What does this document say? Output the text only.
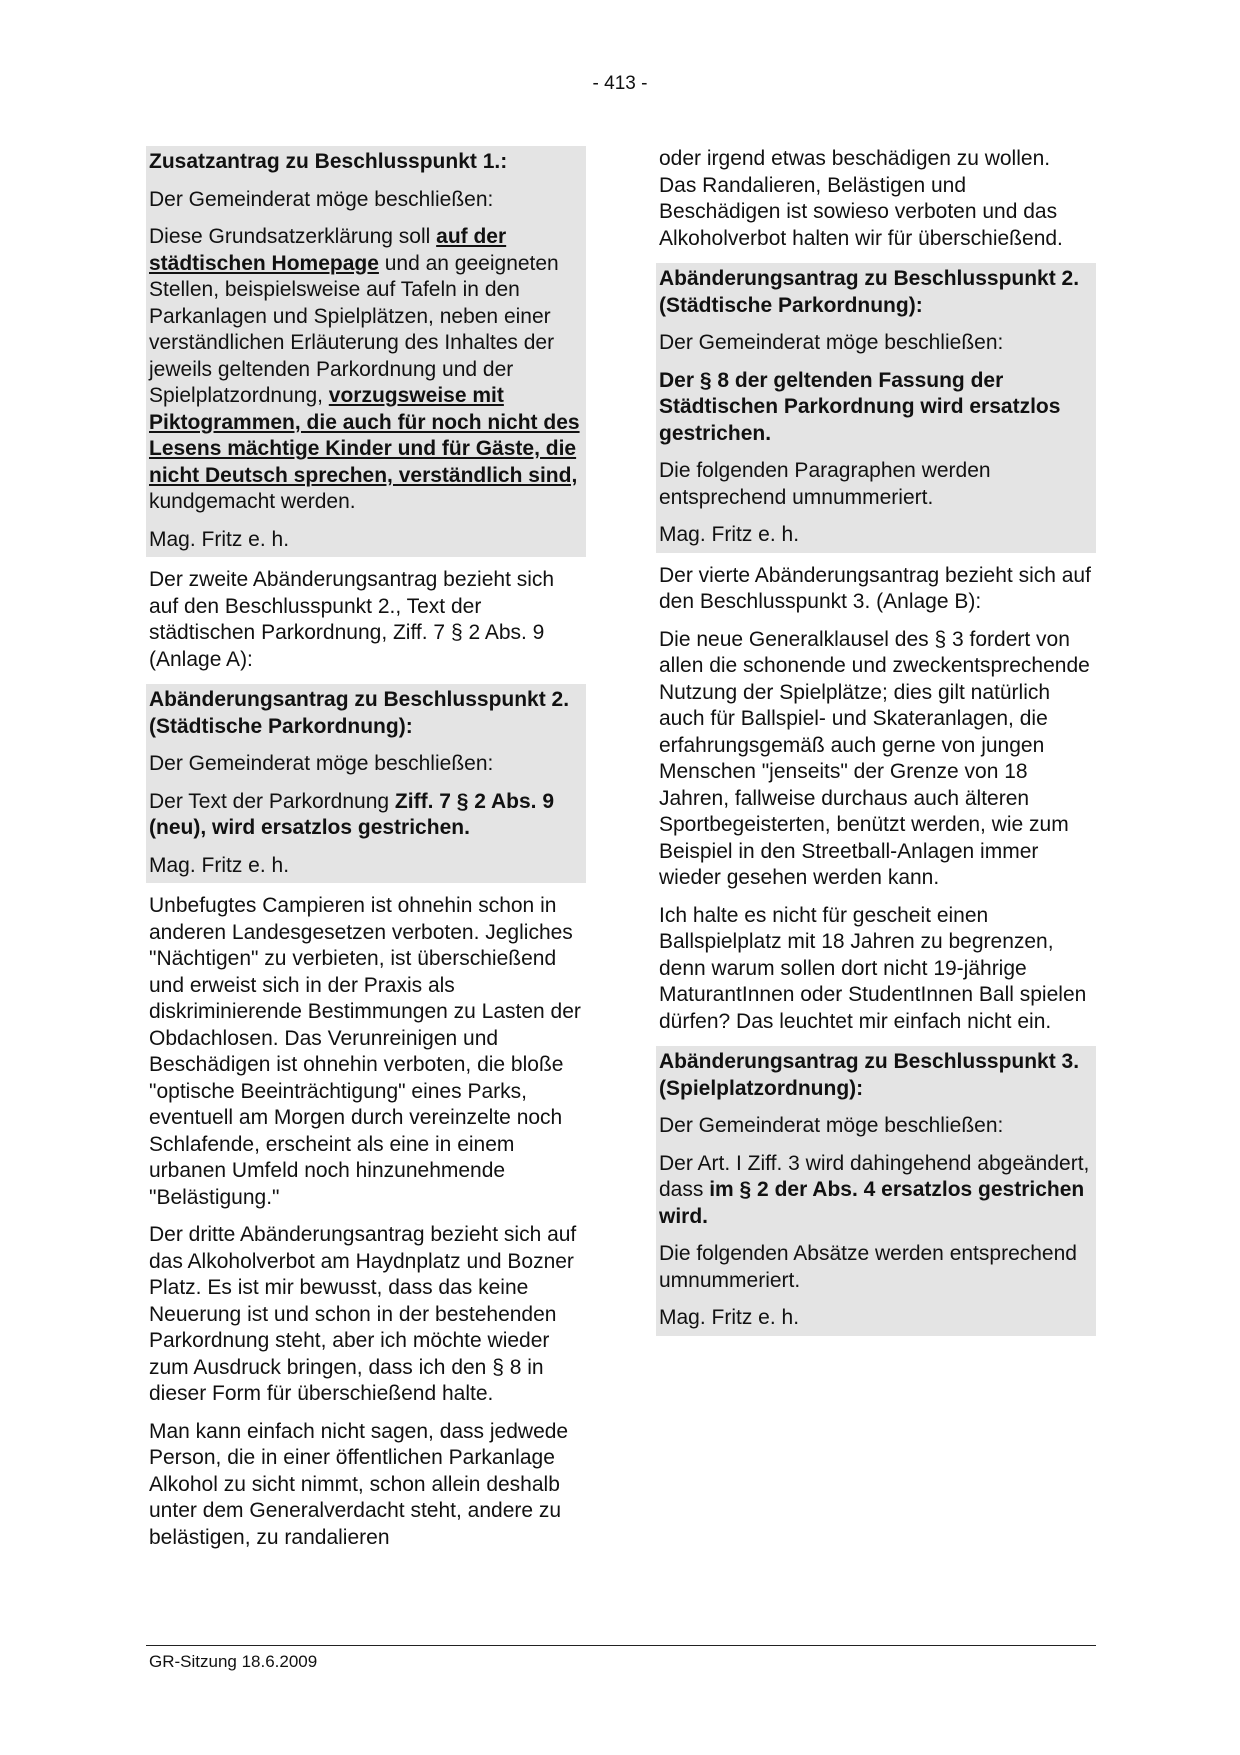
- 413 -

Zusatzantrag zu Beschlusspunkt 1.:

Der Gemeinderat möge beschließen:

Diese Grundsatzerklärung soll auf der städtischen Homepage und an geeigneten Stellen, beispielsweise auf Tafeln in den Parkanlagen und Spielplätzen, neben einer verständlichen Erläuterung des Inhaltes der jeweils geltenden Parkordnung und der Spielplatzordnung, vorzugsweise mit Piktogrammen, die auch für noch nicht des Lesens mächtige Kinder und für Gäste, die nicht Deutsch sprechen, verständlich sind, kundgemacht werden.

Mag. Fritz e. h.

Der zweite Abänderungsantrag bezieht sich auf den Beschlusspunkt 2., Text der städtischen Parkordnung, Ziff. 7 § 2 Abs. 9 (Anlage A):

Abänderungsantrag zu Beschlusspunkt 2. (Städtische Parkordnung):

Der Gemeinderat möge beschließen:

Der Text der Parkordnung Ziff. 7 § 2 Abs. 9 (neu), wird ersatzlos gestrichen.

Mag. Fritz e. h.

Unbefugtes Campieren ist ohnehin schon in anderen Landesgesetzen verboten. Jegliches "Nächtigen" zu verbieten, ist überschießend und erweist sich in der Praxis als diskriminierende Bestimmungen zu Lasten der Obdachlosen. Das Verunreinigen und Beschädigen ist ohnehin verboten, die bloße "optische Beeinträchtigung" eines Parks, eventuell am Morgen durch vereinzelte noch Schlafende, erscheint als eine in einem urbanen Umfeld noch hinzunehmende "Belästigung."

Der dritte Abänderungsantrag bezieht sich auf das Alkoholverbot am Haydnplatz und Bozner Platz. Es ist mir bewusst, dass das keine Neuerung ist und schon in der bestehenden Parkordnung steht, aber ich möchte wieder zum Ausdruck bringen, dass ich den § 8 in dieser Form für überschießend halte.

Man kann einfach nicht sagen, dass jedwede Person, die in einer öffentlichen Parkanlage Alkohol zu sicht nimmt, schon allein deshalb unter dem Generalverdacht steht, andere zu belästigen, zu randalieren

oder irgend etwas beschädigen zu wollen. Das Randalieren, Belästigen und Beschädigen ist sowieso verboten und das Alkoholverbot halten wir für überschießend.

Abänderungsantrag zu Beschlusspunkt 2. (Städtische Parkordnung):

Der Gemeinderat möge beschließen:

Der § 8 der geltenden Fassung der Städtischen Parkordnung wird ersatzlos gestrichen.

Die folgenden Paragraphen werden entsprechend umnummeriert.

Mag. Fritz e. h.

Der vierte Abänderungsantrag bezieht sich auf den Beschlusspunkt 3. (Anlage B):

Die neue Generalklausel des § 3 fordert von allen die schonende und zweckentsprechende Nutzung der Spielplätze; dies gilt natürlich auch für Ballspiel- und Skateranlagen, die erfahrungsgemäß auch gerne von jungen Menschen "jenseits" der Grenze von 18 Jahren, fallweise durchaus auch älteren Sportbegeisterten, benützt werden, wie zum Beispiel in den Streetball-Anlagen immer wieder gesehen werden kann.

Ich halte es nicht für gescheit einen Ballspielplatz mit 18 Jahren zu begrenzen, denn warum sollen dort nicht 19-jährige MaturantInnen oder StudentInnen Ball spielen dürfen? Das leuchtet mir einfach nicht ein.

Abänderungsantrag zu Beschlusspunkt 3. (Spielplatzordnung):

Der Gemeinderat möge beschließen:

Der Art. I Ziff. 3 wird dahingehend abgeändert, dass im § 2 der Abs. 4 ersatzlos gestrichen wird.

Die folgenden Absätze werden entsprechend umnummeriert.

Mag. Fritz e. h.

GR-Sitzung 18.6.2009
